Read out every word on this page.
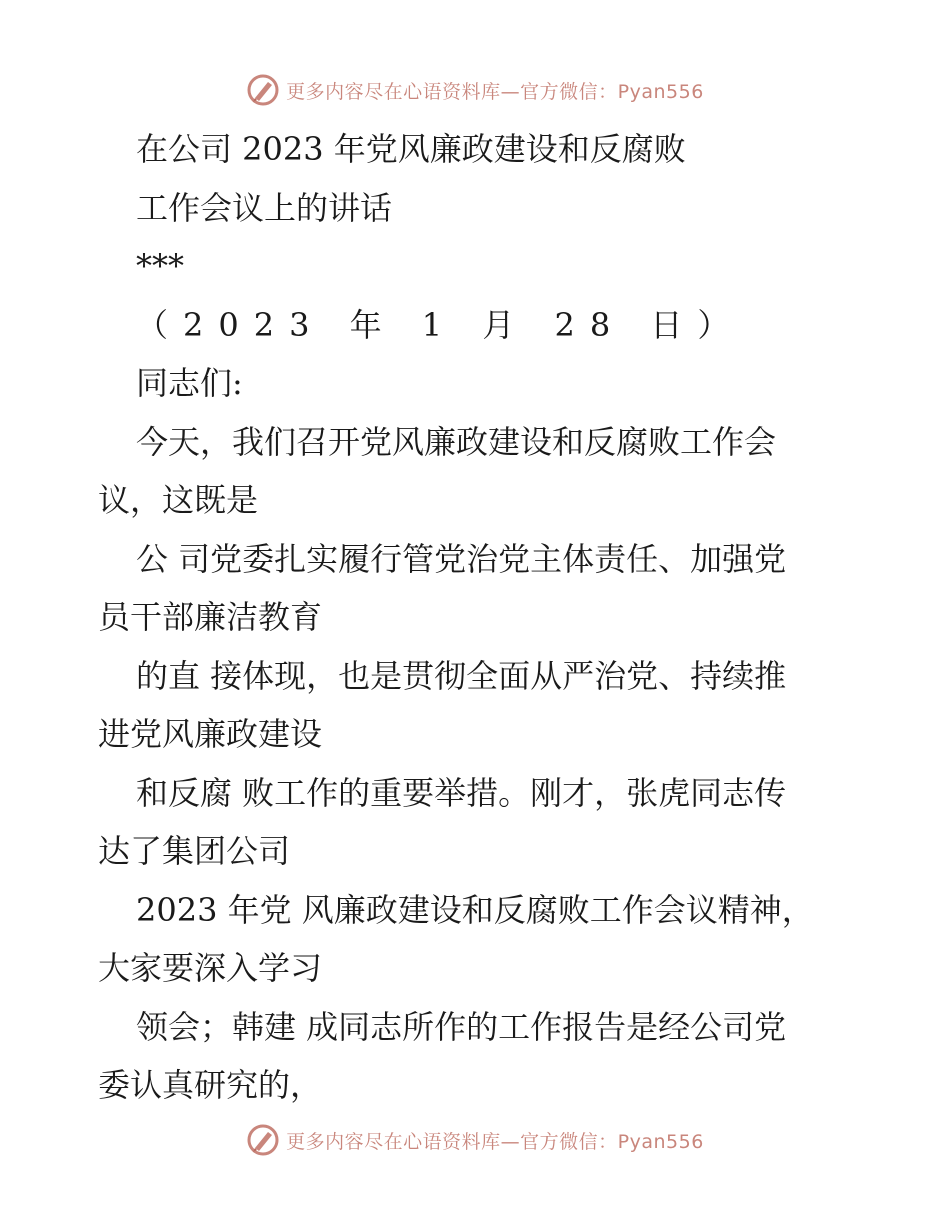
更多内容尽在心语资料库—官方微信：Pyan556
在公司 2023 年党风廉政建设和反腐败
工作会议上的讲话
***
（2023 年 1 月 28 日）
同志们:
今天，我们召开党风廉政建设和反腐败工作会
议，这既是
公 司党委扎实履行管党治党主体责任、加强党
员干部廉洁教育
的直 接体现，也是贯彻全面从严治党、持续推
进党风廉政建设
和反腐 败工作的重要举措。刚才，张虎同志传
达了集团公司
2023 年党 风廉政建设和反腐败工作会议精神，
大家要深入学习
领会；韩建 成同志所作的工作报告是经公司党
委认真研究的，
更多内容尽在心语资料库—官方微信：Pyan556
